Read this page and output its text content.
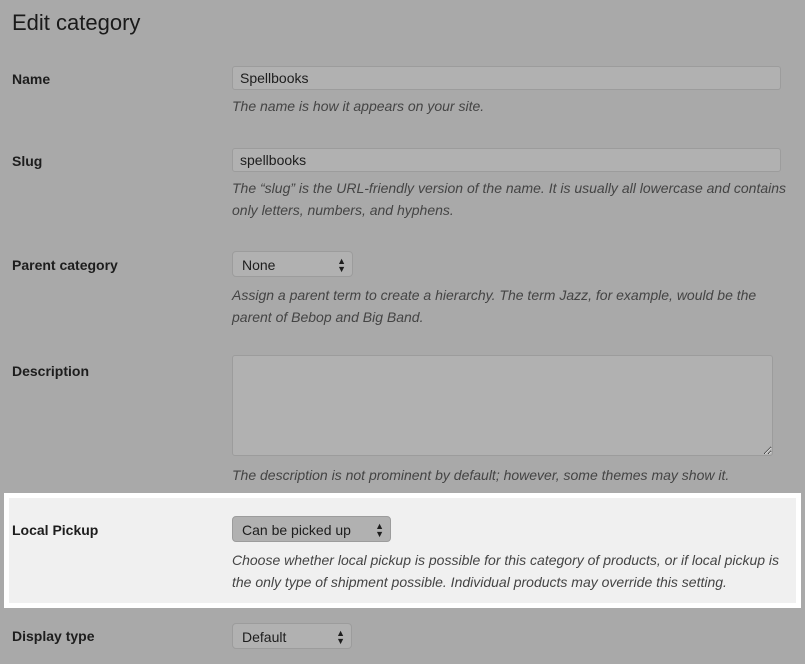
Edit category
Name	Spellbooks
The name is how it appears on your site.
Slug	spellbooks
The “slug” is the URL-friendly version of the name. It is usually all lowercase and contains only letters, numbers, and hyphens.
Parent category	None	▲
▼
Assign a parent term to create a hierarchy. The term Jazz, for example, would be the parent of Bebop and Big Band.
Description
The description is not prominent by default; however, some themes may show it.
Local Pickup	Can be picked up	▲
▼
Choose whether local pickup is possible for this category of products, or if local pickup is the only type of shipment possible. Individual products may override this setting.
Display type	Default	▲
▼
